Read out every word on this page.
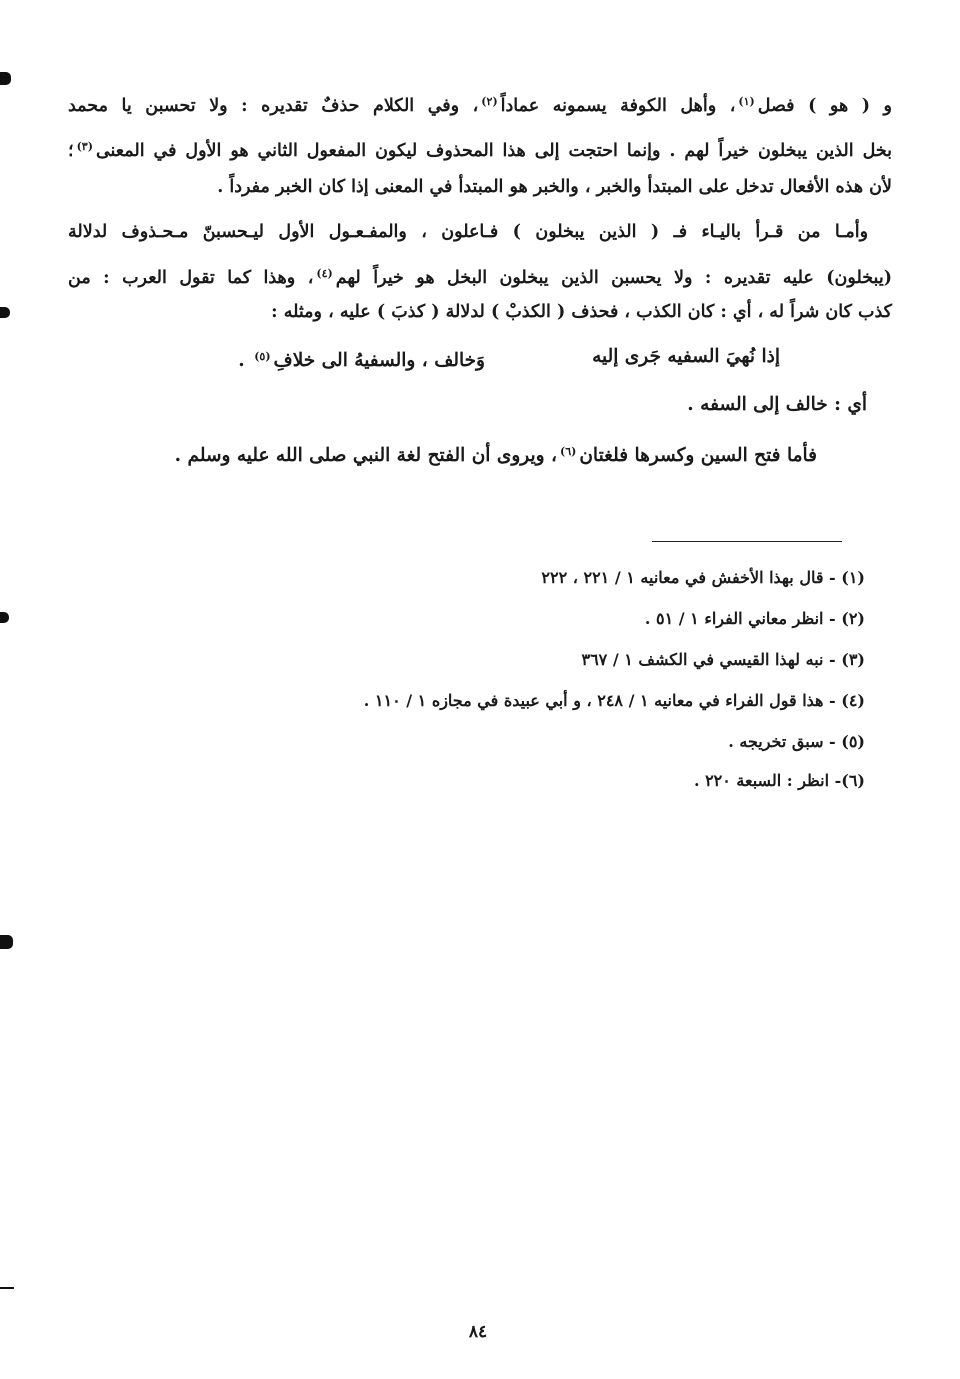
و ( هو ) فصل$^{(١)}$، وأهل الكوفة يسمونه عماداً$^{(٢)}$، وفي الكلام حذفٌ تقديره : ولا تحسبن يا محمد
بخل الذين يبخلون خيراً لهم . وإنما احتجت إلى هذا المحذوف ليكون المفعول الثاني هو الأول في المعنى$^{(٣)}$؛
لأن هذه الأفعال تدخل على المبتدأ والخبر ، والخبر هو المبتدأ في المعنى إذا كان الخبر مفرداً .
وأمـا من قـرأ باليـاء فـ ( الذين يبخلون ) فـاعلون ، والمفـعـول الأول ليـحسبنّ مـحـذوف لدلالة
(يبخلون) عليه تقديره : ولا يحسبن الذين يبخلون البخل هو خيراً لهم$^{(٤)}$، وهذا كما تقول العرب : من
كذب كان شراً له ، أي : كان الكذب ، فحذف ( الكذبْ ) لدلالة ( كذبَ ) عليه ، ومثله :
إذا نُهيَ السفيه جَرى إليه
وَخالف ، والسفيهُ الى خلافِ$^{(٥)}$ .
أي : خالف إلى السفه .
فأما فتح السين وكسرها فلغتان$^{(٦)}$، ويروى أن الفتح لغة النبي صلى الله عليه وسلم .
(١) - قال بهذا الأخفش في معانيه ١ / ٢٢١ ، ٢٢٢
(٢) - انظر معاني الفراء ١ / ٥١ .
(٣) - نبه لهذا القيسي في الكشف ١ / ٣٦٧
(٤) - هذا قول الفراء في معانيه ١ / ٢٤٨ ، و أبي عبيدة في مجازه ١ / ١١٠ .
(٥) - سبق تخريجه .
(٦)- انظر : السبعة ٢٢٠ .
٨٤
